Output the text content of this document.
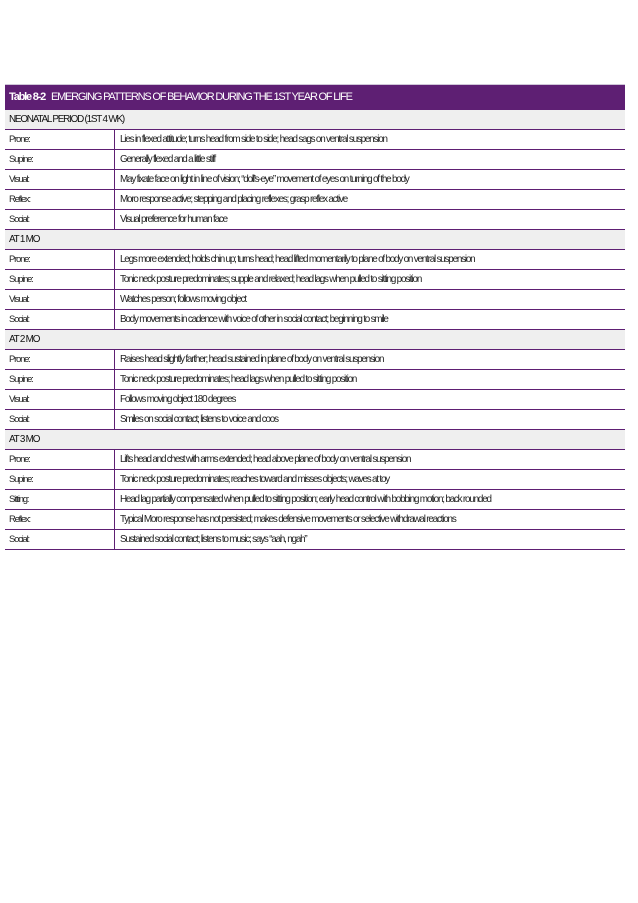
Table 8-2 EMERGING PATTERNS OF BEHAVIOR DURING THE 1ST YEAR OF LIFE
NEONATAL PERIOD (1ST 4 WK)
Prone:	Lies in flexed attitude; turns head from side to side; head sags on ventral suspension
Supine:	Generally flexed and a little stiff
Visual:	May fixate face on light in line of vision; “doll’s-eye” movement of eyes on turning of the body
Reflex:	Moro response active; stepping and placing reflexes; grasp reflex active
Social:	Visual preference for human face
AT 1 MO
Prone:	Legs more extended; holds chin up; turns head; head lifted momentarily to plane of body on ventral suspension
Supine:	Tonic neck posture predominates; supple and relaxed; head lags when pulled to sitting position
Visual:	Watches person; follows moving object
Social:	Body movements in cadence with voice of other in social contact; beginning to smile
AT 2 MO
Prone:	Raises head slightly farther; head sustained in plane of body on ventral suspension
Supine:	Tonic neck posture predominates; head lags when pulled to sitting position
Visual:	Follows moving object 180 degrees
Social:	Smiles on social contact; listens to voice and coos
AT 3 MO
Prone:	Lifts head and chest with arms extended; head above plane of body on ventral suspension
Supine:	Tonic neck posture predominates; reaches toward and misses objects; waves at toy
Sitting:	Head lag partially compensated when pulled to sitting position; early head control with bobbing motion; back rounded
Reflex:	Typical Moro response has not persisted; makes defensive movements or selective withdrawal reactions
Social:	Sustained social contact; listens to music; says “aah, ngah”
